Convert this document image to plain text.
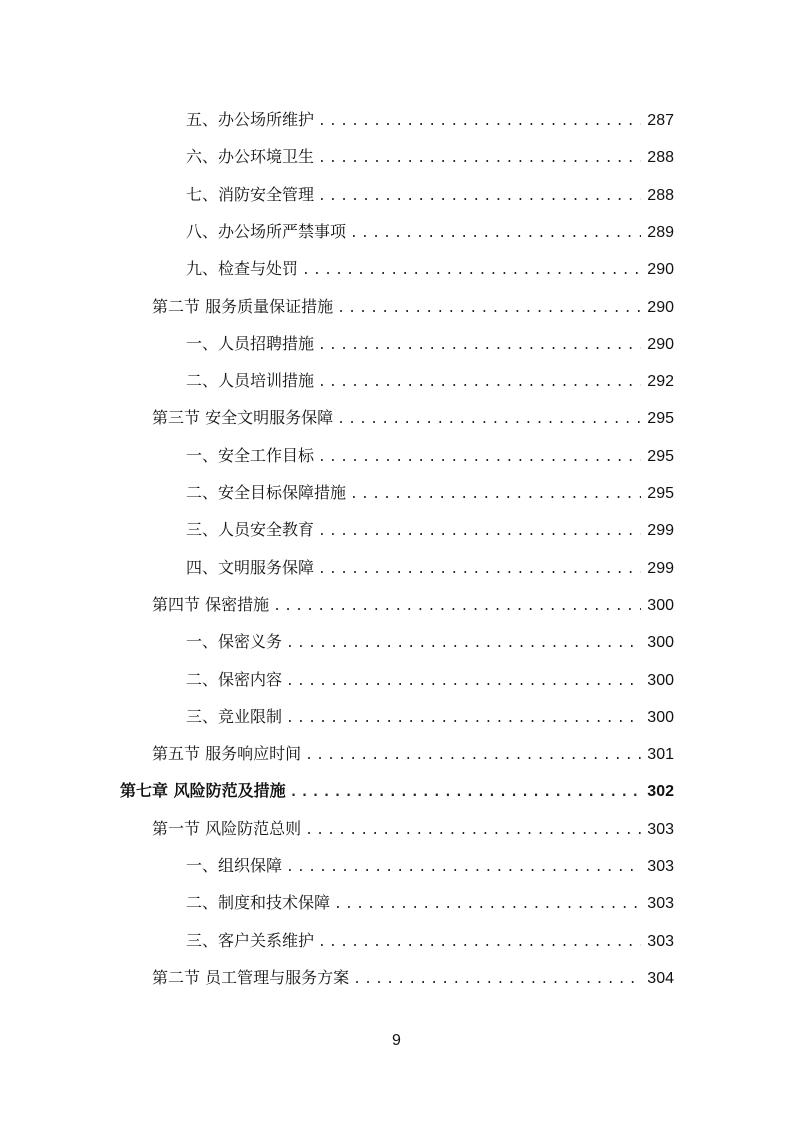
五、办公场所维护 .....	287
六、办公环境卫生 .....	288
七、消防安全管理 .....	288
八、办公场所严禁事项 .....	289
九、检查与处罚 .....	290
第二节 服务质量保证措施 .....	290
一、人员招聘措施 .....	290
二、人员培训措施 .....	292
第三节 安全文明服务保障 .....	295
一、安全工作目标 .....	295
二、安全目标保障措施 .....	295
三、人员安全教育 .....	299
四、文明服务保障 .....	299
第四节 保密措施 .....	300
一、保密义务 .....	300
二、保密内容 .....	300
三、竞业限制 .....	300
第五节 服务响应时间 .....	301
第七章 风险防范及措施 .....	302
第一节 风险防范总则 .....	303
一、组织保障 .....	303
二、制度和技术保障 .....	303
三、客户关系维护 .....	303
第二节 员工管理与服务方案 .....	304
9
